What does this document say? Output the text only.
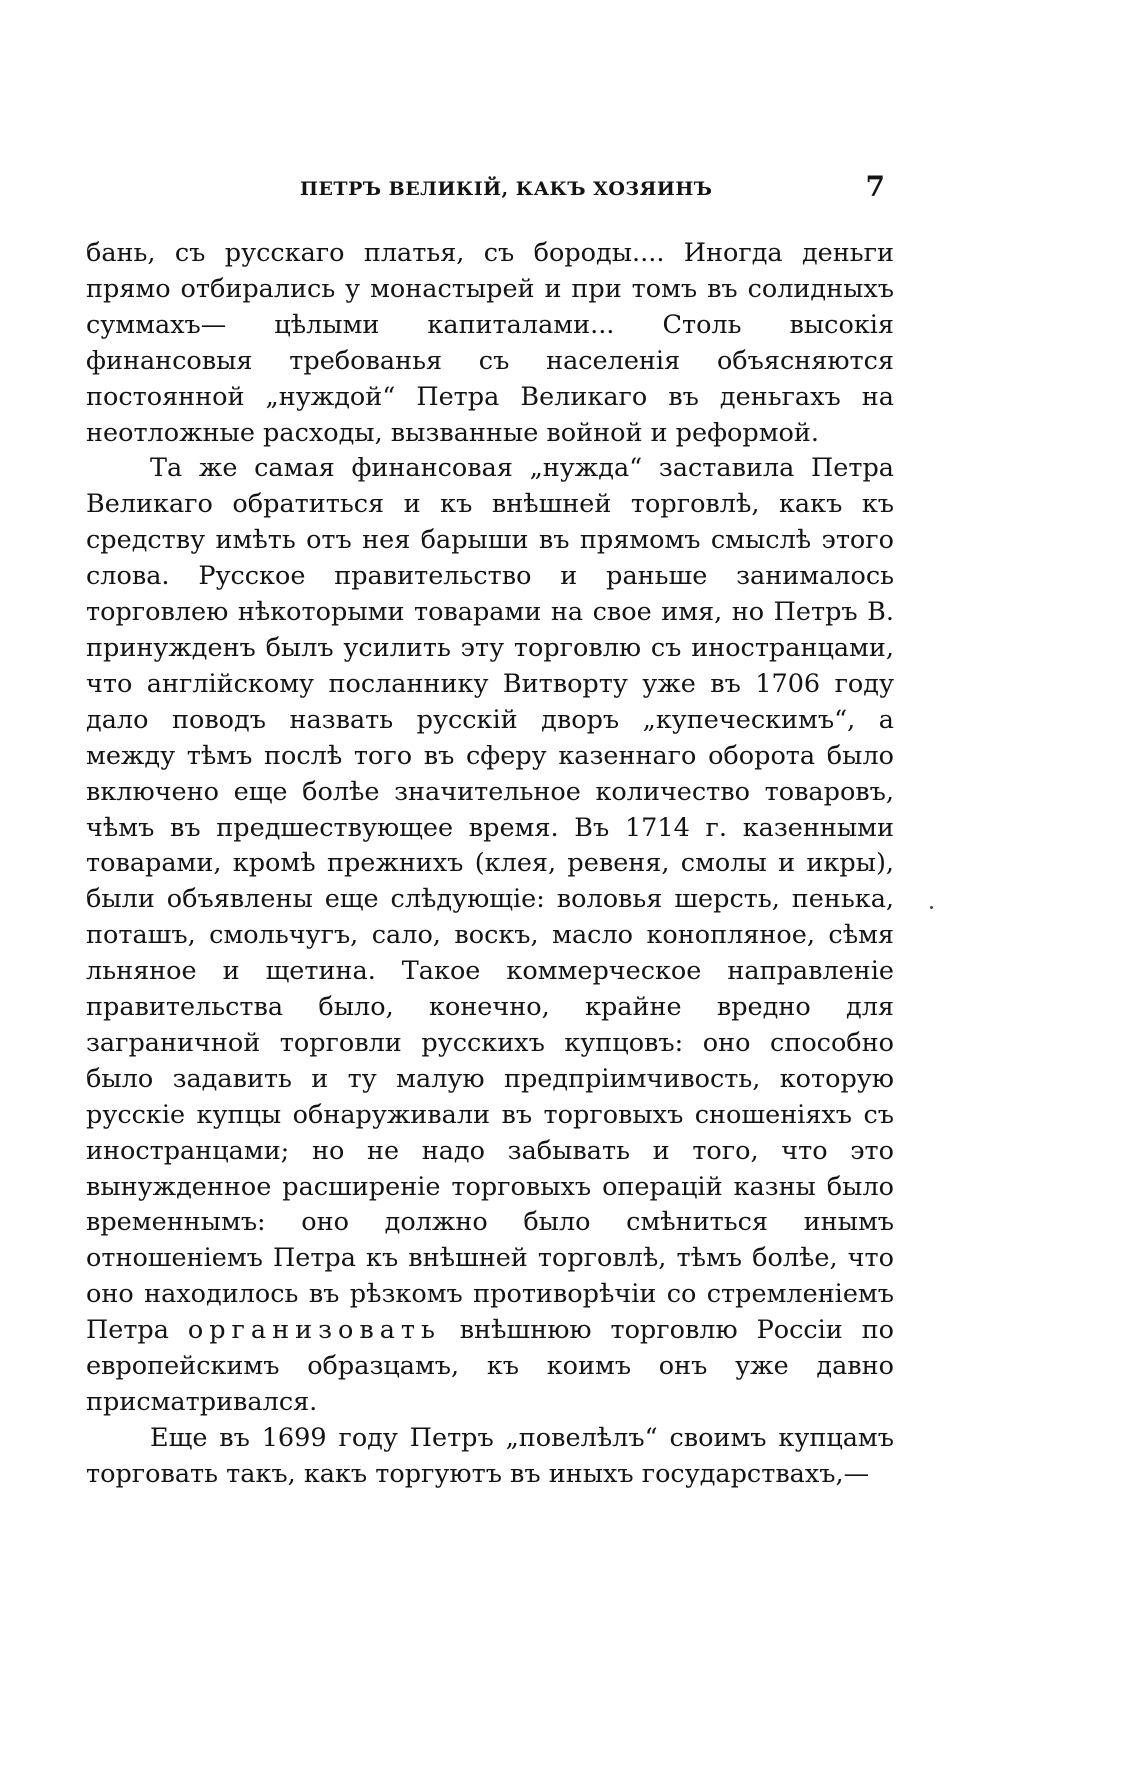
ПЕТРЪ ВЕЛИКІЙ, КАКЪ ХОЗЯИНЪ	7

бань, съ русскаго платья, съ бороды.... Иногда деньги прямо отбирались у монастырей и при томъ въ солидныхъ суммахъ— цѣлыми капиталами... Столь высокія финансовыя требованья съ населенія объясняются постоянной „нуждой“ Петра Великаго въ деньгахъ на неотложные расходы, вызванные войной и реформой.

Та же самая финансовая „нужда“ заставила Петра Великаго обратиться и къ внѣшней торговлѣ, какъ къ средству имѣть отъ нея барыши въ прямомъ смыслѣ этого слова. Русское правительство и раньше занималось торговлею нѣкоторыми товарами на свое имя, но Петръ В. принужденъ былъ усилить эту торговлю съ иностранцами, что англійскому посланнику Витворту уже въ 1706 году дало поводъ назвать русскій дворъ „купеческимъ“, а между тѣмъ послѣ того въ сферу казеннаго оборота было включено еще болѣе значительное количество товаровъ, чѣмъ въ предшествующее время. Въ 1714 г. казенными товарами, кромѣ прежнихъ (клея, ревеня, смолы и икры), были объявлены еще слѣдующіе: воловья шерсть, пенька, поташъ, смольчугъ, сало, воскъ, масло конопляное, сѣмя льняное и щетина. Такое коммерческое направленіе правительства было, конечно, крайне вредно для заграничной торговли русскихъ купцовъ: оно способно было задавить и ту малую предпріимчивость, которую русскіе купцы обнаруживали въ торговыхъ сношеніяхъ съ иностранцами; но не надо забывать и того, что это вынужденное расширеніе торговыхъ операцій казны было временнымъ: оно должно было смѣниться инымъ отношеніемъ Петра къ внѣшней торговлѣ, тѣмъ болѣе, что оно находилось въ рѣзкомъ противорѣчіи со стремленіемъ Петра организовать внѣшнюю торговлю Россіи по европейскимъ образцамъ, къ коимъ онъ уже давно присматривался.

Еще въ 1699 году Петръ „повелѣлъ“ своимъ купцамъ торговать такъ, какъ торгуютъ въ иныхъ государствахъ,—
